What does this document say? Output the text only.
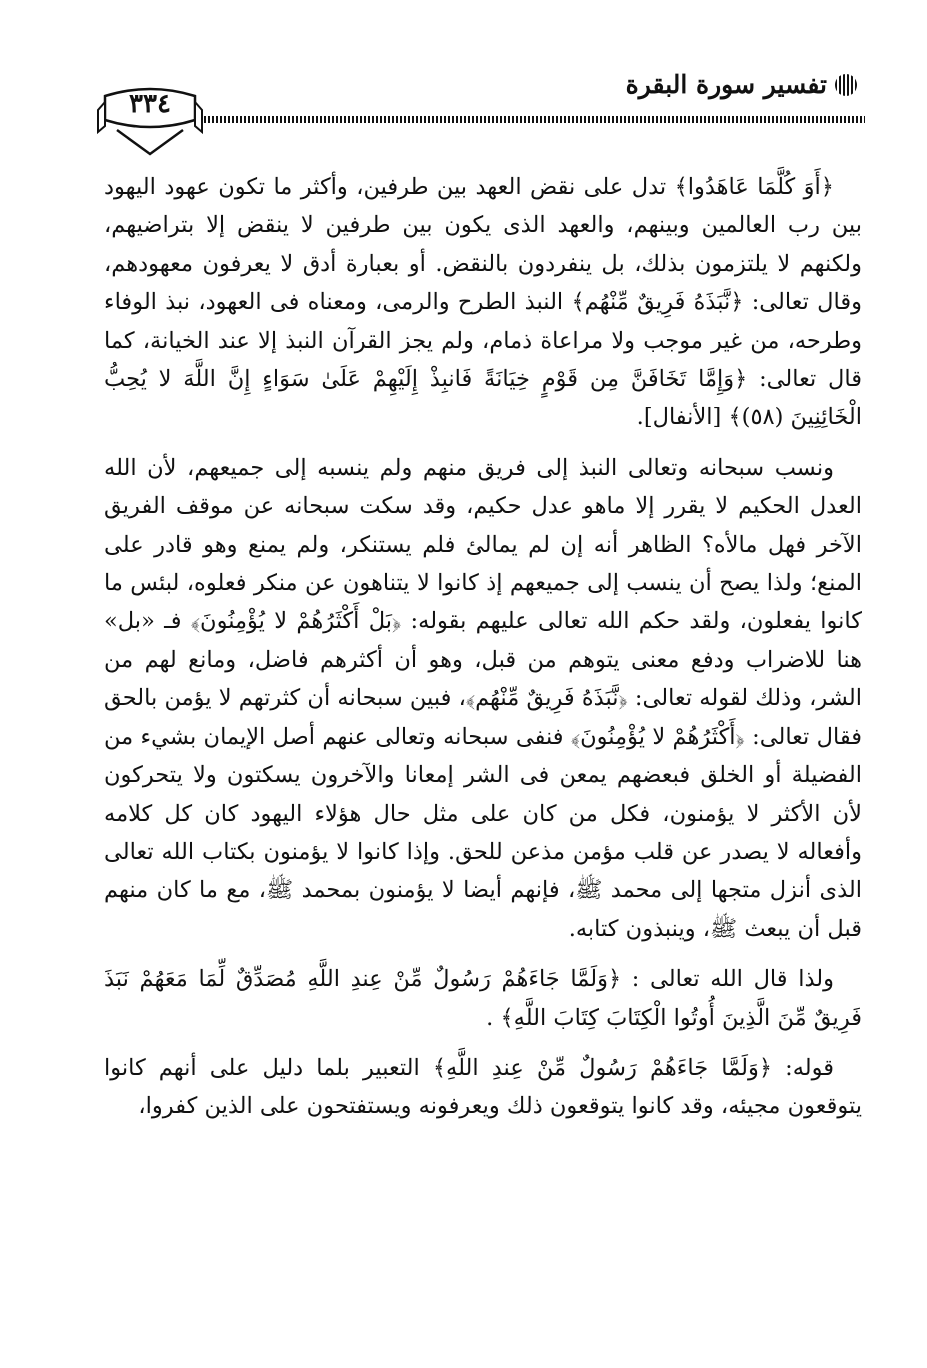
تفسير سورة البقرة
٣٣٤

﴿أَوَ كُلَّمَا عَاهَدُوا﴾ تدل على نقض العهد بين طرفين، وأكثر ما تكون عهود اليهود بين رب العالمين وبينهم، والعهد الذى يكون بين طرفين لا ينقض إلا بتراضيهم، ولكنهم لا يلتزمون بذلك، بل ينفردون بالنقض. أو بعبارة أدق لا يعرفون معهودهم، وقال تعالى: ﴿نَّبَذَهُ فَرِيقٌ مِّنْهُم﴾ النبذ الطرح والرمى، ومعناه فى العهود، نبذ الوفاء وطرحه، من غير موجب ولا مراعاة ذمام، ولم يجز القرآن النبذ إلا عند الخيانة، كما قال تعالى: ﴿وَإِمَّا تَخَافَنَّ مِن قَوْمٍ خِيَانَةً فَانبِذْ إِلَيْهِمْ عَلَىٰ سَوَاءٍ إِنَّ اللَّهَ لا يُحِبُّ الْخَائِنِينَ (٥٨)﴾ [الأنفال].

ونسب سبحانه وتعالى النبذ إلى فريق منهم ولم ينسبه إلى جميعهم، لأن الله العدل الحكيم لا يقرر إلا ماهو عدل حكيم، وقد سكت سبحانه عن موقف الفريق الآخر فهل مالأه؟ الظاهر أنه إن لم يمالئ فلم يستنكر، ولم يمنع وهو قادر على المنع؛ ولذا يصح أن ينسب إلى جميعهم إذ كانوا لا يتناهون عن منكر فعلوه، لبئس ما كانوا يفعلون، ولقد حكم الله تعالى عليهم بقوله: ﴿بَلْ أَكْثَرُهُمْ لا يُؤْمِنُونَ﴾ فـ «بل» هنا للاضراب ودفع معنى يتوهم من قبل، وهو أن أكثرهم فاضل، ومانع لهم من الشر، وذلك لقوله تعالى: ﴿نَّبَذَهُ فَرِيقٌ مِّنْهُم﴾، فبين سبحانه أن كثرتهم لا يؤمن بالحق فقال تعالى: ﴿أَكْثَرُهُمْ لا يُؤْمِنُونَ﴾ فنفى سبحانه وتعالى عنهم أصل الإيمان بشيء من الفضيلة أو الخلق فبعضهم يمعن فى الشر إمعانا والآخرون يسكتون ولا يتحركون لأن الأكثر لا يؤمنون، فكل من كان على مثل حال هؤلاء اليهود كان كل كلامه وأفعاله لا يصدر عن قلب مؤمن مذعن للحق. وإذا كانوا لا يؤمنون بكتاب الله تعالى الذى أنزل متجها إلى محمد ﷺ، فإنهم أيضا لا يؤمنون بمحمد ﷺ، مع ما كان منهم قبل أن يبعث ﷺ، وينبذون كتابه.

ولذا قال الله تعالى : ﴿وَلَمَّا جَاءَهُمْ رَسُولٌ مِّنْ عِندِ اللَّهِ مُصَدِّقٌ لِّمَا مَعَهُمْ نَبَذَ فَرِيقٌ مِّنَ الَّذِينَ أُوتُوا الْكِتَابَ كِتَابَ اللَّهِ﴾ .

قوله: ﴿وَلَمَّا جَاءَهُمْ رَسُولٌ مِّنْ عِندِ اللَّهِ﴾ التعبير بلما دليل على أنهم كانوا يتوقعون مجيئه، وقد كانوا يتوقعون ذلك ويعرفونه ويستفتحون على الذين كفروا،
